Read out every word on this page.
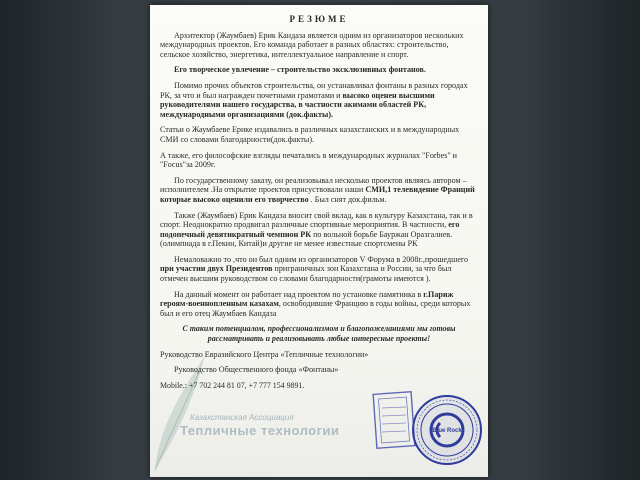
РЕЗЮМЕ

Архитектор (Жаумбаев) Ерик Кандаза является одним из организаторов нескольких международных проектов. Его команда работает в разных областях: строительство, сельское хозяйство, энергетика, интеллектуальное направление и спорт.

Его творческое увлечение – строительство эксклюзивных фонтанов.

Помимо прочих объектов строительства, он устанавливал фонтаны в разных городах РК, за что и был награжден почетными грамотами и высоко оценен высшими руководителями нашего государства, в частности акимами областей РК, международными организациями (док.факты).

Статьи о Жаумбаеве Ерике издавались в различных казахстанских и в международных СМИ со словами благодарности(док.факты).

А также, его философские взгляды печатались в международных журналах "Forbes" и "Focus"за 2009г.

По государственному заказу, он реализовывал несколько проектов являясь автором –исполнителем .На открытие проектов присуствовали наши СМИ,1 телевидение Франций которые высоко оценили его творчество . Был снят док.фильм.

Также (Жаумбаев) Ерик Кандаза вносит свой вклад, как в культуру Казахстана, так и в спорт. Неоднократно продвигал различные спортивные мероприятия. В частности, его подопечный девятикратный чемпион РК по вольной борьбе Бауржан Оразгалиев. (олимпиада в г.Пекин, Китай)и другие не менее известные спортсмены РК

Немаловажно то ,что он был одним из организаторов V Форума в 2008г.,прошедшего при участии двух Президентов приграничных зон Казахстана и России, за что был отмечен высшим руководством со словами благодарности(грамоты имеются ).

На данный момент он работает над проектом по установке памятника в г.Париж героям-военнопленным казахам, освободившие Францию в годы войны, среди которых был и его отец Жаумбаев Кандаза

С таким потенциалом, профессионализмом и благопожеланиями мы готовы рассматривать и реализовывать любые интересные проекты!

Руководство Евразийского Центра «Тепличные технологии»

Руководство Общественного фонда «Фонтаны»

Mobile.: +7 702 244 81 07, +7 777 154 9891.
Казахстанская Ассоциация
Тепличные технологии	Blue Rock
